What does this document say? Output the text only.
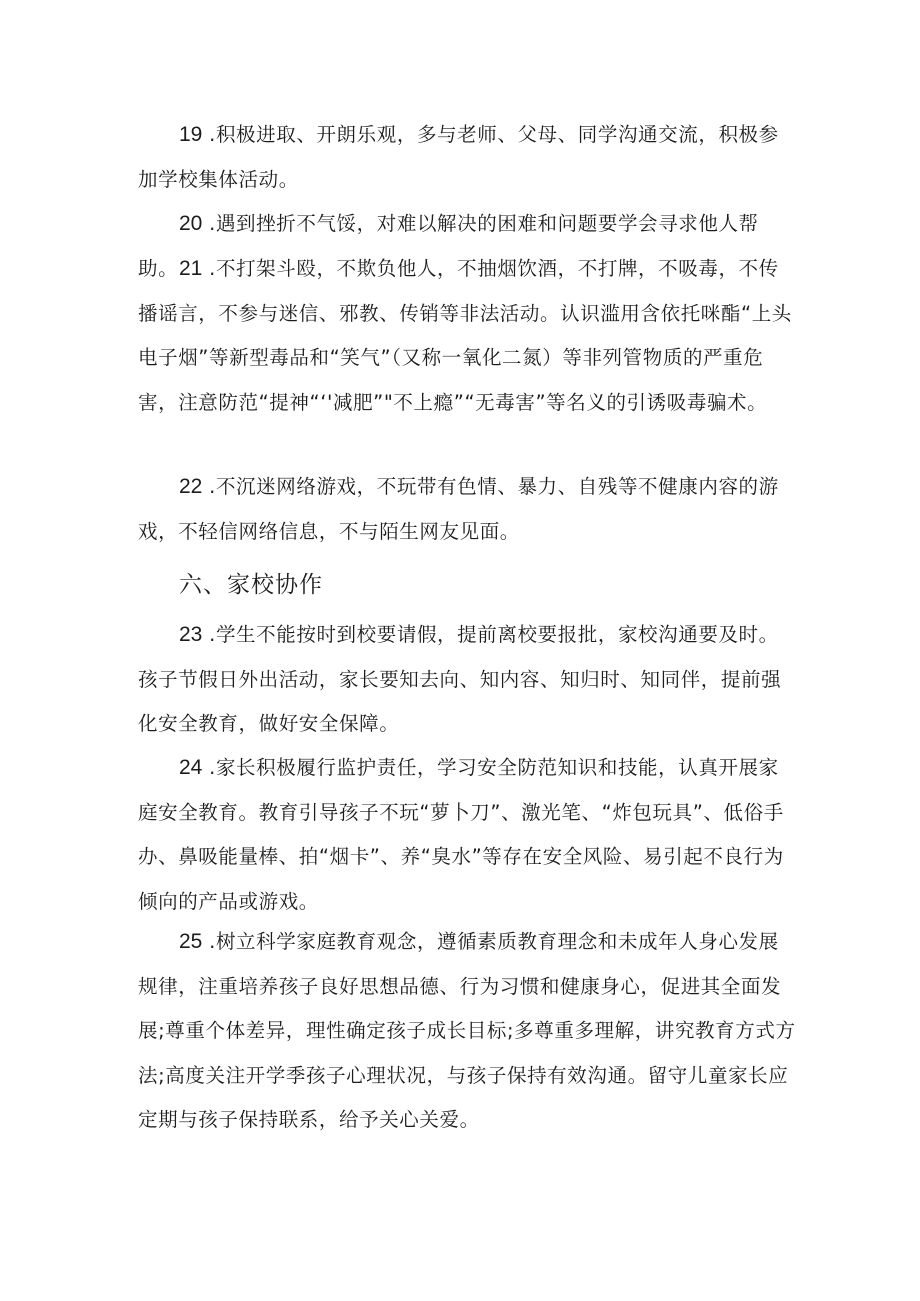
19 .积极进取、开朗乐观，多与老师、父母、同学沟通交流，积极参加学校集体活动。

20 .遇到挫折不气馁，对难以解决的困难和问题要学会寻求他人帮助。 21 .不打架斗殴，不欺负他人，不抽烟饮酒，不打牌，不吸毒，不传播谣言，不参与迷信、邪教、传销等非法活动。认识滥用含依托咪酯“上头电子烟”等新型毒品和“笑气”（又称一氧化二氮）等非列管物质的严重危害，注意防范“提神“‘'减肥”"不上瘾”“无毒害”等名义的引诱吸毒骗术。

22 .不沉迷网络游戏，不玩带有色情、暴力、自残等不健康内容的游戏，不轻信网络信息，不与陌生网友见面。

六、家校协作

23 .学生不能按时到校要请假，提前离校要报批，家校沟通要及时。孩子节假日外出活动，家长要知去向、知内容、知归时、知同伴，提前强化安全教育，做好安全保障。

24 .家长积极履行监护责任，学习安全防范知识和技能，认真开展家庭安全教育。教育引导孩子不玩“萝卜刀”、激光笔、“炸包玩具”、低俗手办、鼻吸能量棒、拍“烟卡”、养“臭水”等存在安全风险、易引起不良行为倾向的产品或游戏。

25 .树立科学家庭教育观念，遵循素质教育理念和未成年人身心发展规律，注重培养孩子良好思想品德、行为习惯和健康身心，促进其全面发展;尊重个体差异，理性确定孩子成长目标;多尊重多理解，讲究教育方式方法;高度关注开学季孩子心理状况，与孩子保持有效沟通。留守儿童家长应定期与孩子保持联系，给予关心关爱。
